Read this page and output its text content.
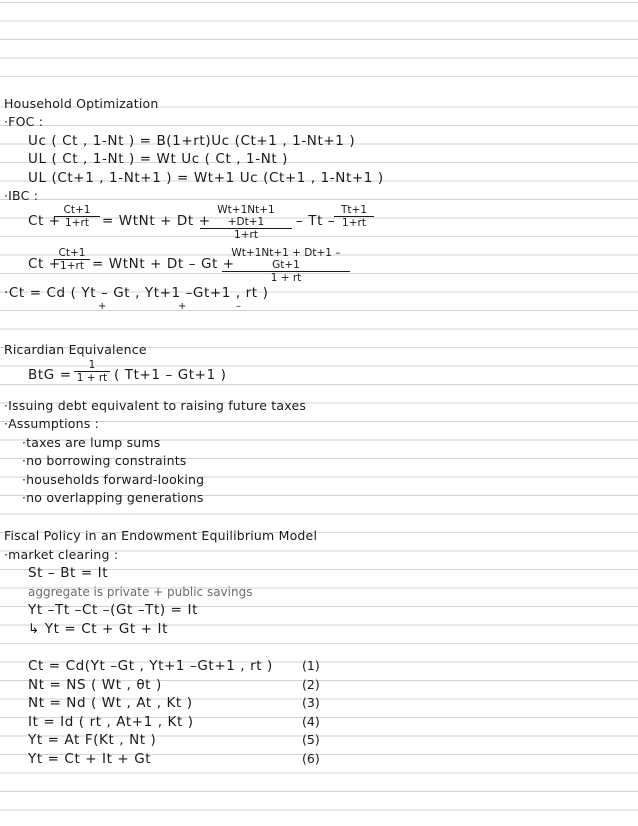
Household Optimization
·FOC :
Uc ( Ct , 1-Nt ) = B(1+rt)Uc (Ct+1 , 1-Nt+1 )
UL ( Ct , 1-Nt ) = Wt Uc ( Ct , 1-Nt )
UL (Ct+1 , 1-Nt+1 ) = Wt+1 Uc (Ct+1 , 1-Nt+1 )
·IBC :
Ct +
$\frac{Ct+1}{1+rt}$ = WtNt + Dt +
$\frac{Wt+1Nt+1 +Dt+1}{1+rt}$ – Tt –
$\frac{Tt+1}{1+rt}$
Ct +
$\frac{Ct+1}{1+rt}$ = WtNt + Dt – Gt +
$\frac{Wt+1Nt+1 + Dt+1 - Gt+1}{1 + rt}$
·Ct = Cd ( Yt – Gt , Yt+1 –Gt+1 , rt )
+	+	–
Ricardian Equivalence
BtG = $\frac{1}{1 + rt}$ ( Tt+1 – Gt+1 )
·Issuing debt equivalent to raising future taxes
·Assumptions :
·taxes are lump sums
·no borrowing constraints
·households forward-looking
·no overlapping generations
Fiscal Policy in an Endowment Equilibrium Model
·market clearing :
St – Bt = It
aggregate is private + public savings
Yt –Tt –Ct –(Gt –Tt) = It
↳ Yt = Ct + Gt + It
Ct = Cd(Yt –Gt , Yt+1 –Gt+1 , rt ) (1)
Nt = NS ( Wt , θt )	(2)
Nt = Nd ( Wt , At , Kt )	(3)
It = Id ( rt , At+1 , Kt )	(4)
Yt = At F(Kt , Nt )	(5)
Yt = Ct + It + Gt	(6)
